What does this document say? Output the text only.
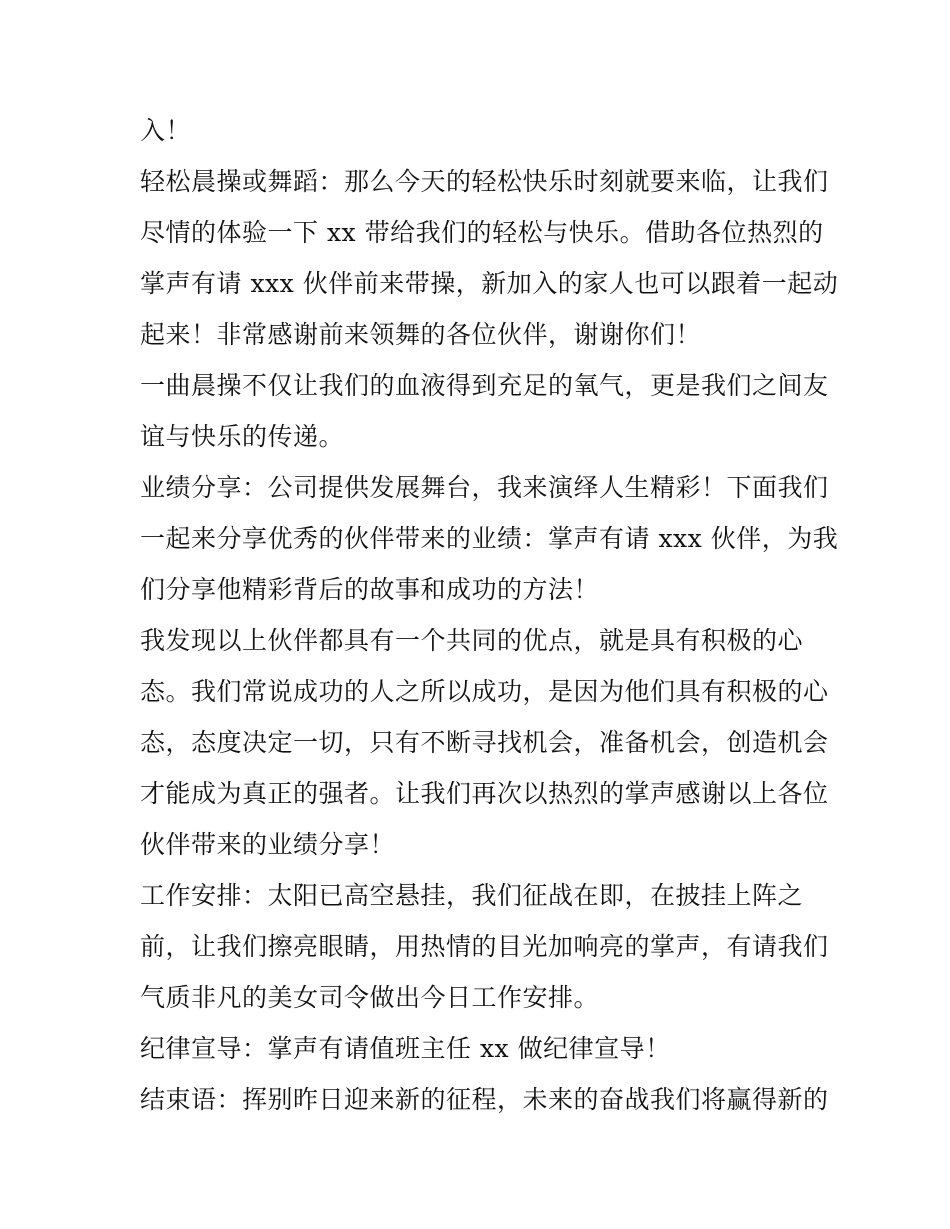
入！
轻松晨操或舞蹈：那么今天的轻松快乐时刻就要来临，让我们
尽情的体验一下 xx 带给我们的轻松与快乐。借助各位热烈的
掌声有请 xxx 伙伴前来带操，新加入的家人也可以跟着一起动
起来！非常感谢前来领舞的各位伙伴，谢谢你们！
一曲晨操不仅让我们的血液得到充足的氧气，更是我们之间友
谊与快乐的传递。
业绩分享：公司提供发展舞台，我来演绎人生精彩！下面我们
一起来分享优秀的伙伴带来的业绩：掌声有请 xxx 伙伴，为我
们分享他精彩背后的故事和成功的方法！
我发现以上伙伴都具有一个共同的优点，就是具有积极的心
态。我们常说成功的人之所以成功，是因为他们具有积极的心
态，态度决定一切，只有不断寻找机会，准备机会，创造机会
才能成为真正的强者。让我们再次以热烈的掌声感谢以上各位
伙伴带来的业绩分享！
工作安排：太阳已高空悬挂，我们征战在即，在披挂上阵之
前，让我们擦亮眼睛，用热情的目光加响亮的掌声，有请我们
气质非凡的美女司令做出今日工作安排。
纪律宣导：掌声有请值班主任 xx 做纪律宣导！
结束语：挥别昨日迎来新的征程，未来的奋战我们将赢得新的
